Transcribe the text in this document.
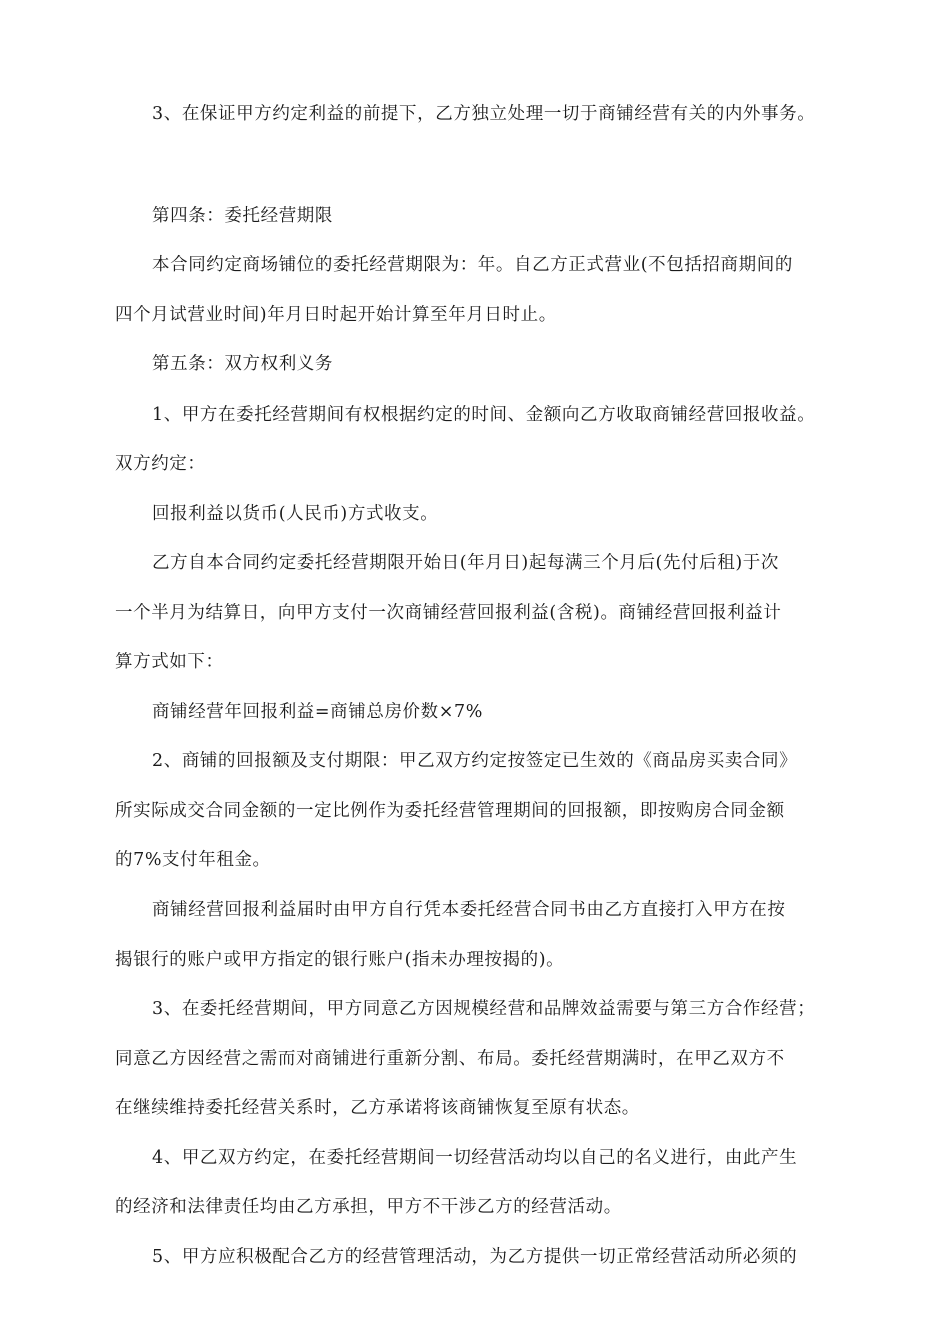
3、在保证甲方约定利益的前提下，乙方独立处理一切于商铺经营有关的内外事务。
第四条：委托经营期限
本合同约定商场铺位的委托经营期限为：年。自乙方正式营业(不包括招商期间的
四个月试营业时间)年月日时起开始计算至年月日时止。
第五条：双方权利义务
1、甲方在委托经营期间有权根据约定的时间、金额向乙方收取商铺经营回报收益。
双方约定：
回报利益以货币(人民币)方式收支。
乙方自本合同约定委托经营期限开始日(年月日)起每满三个月后(先付后租)于次
一个半月为结算日，向甲方支付一次商铺经营回报利益(含税)。商铺经营回报利益计
算方式如下：
商铺经营年回报利益=商铺总房价数×7%
2、商铺的回报额及支付期限：甲乙双方约定按签定已生效的《商品房买卖合同》
所实际成交合同金额的一定比例作为委托经营管理期间的回报额，即按购房合同金额
的7%支付年租金。
商铺经营回报利益届时由甲方自行凭本委托经营合同书由乙方直接打入甲方在按
揭银行的账户或甲方指定的银行账户(指未办理按揭的)。
3、在委托经营期间，甲方同意乙方因规模经营和品牌效益需要与第三方合作经营；
同意乙方因经营之需而对商铺进行重新分割、布局。委托经营期满时，在甲乙双方不
在继续维持委托经营关系时，乙方承诺将该商铺恢复至原有状态。
4、甲乙双方约定，在委托经营期间一切经营活动均以自己的名义进行，由此产生
的经济和法律责任均由乙方承担，甲方不干涉乙方的经营活动。
5、甲方应积极配合乙方的经营管理活动，为乙方提供一切正常经营活动所必须的
